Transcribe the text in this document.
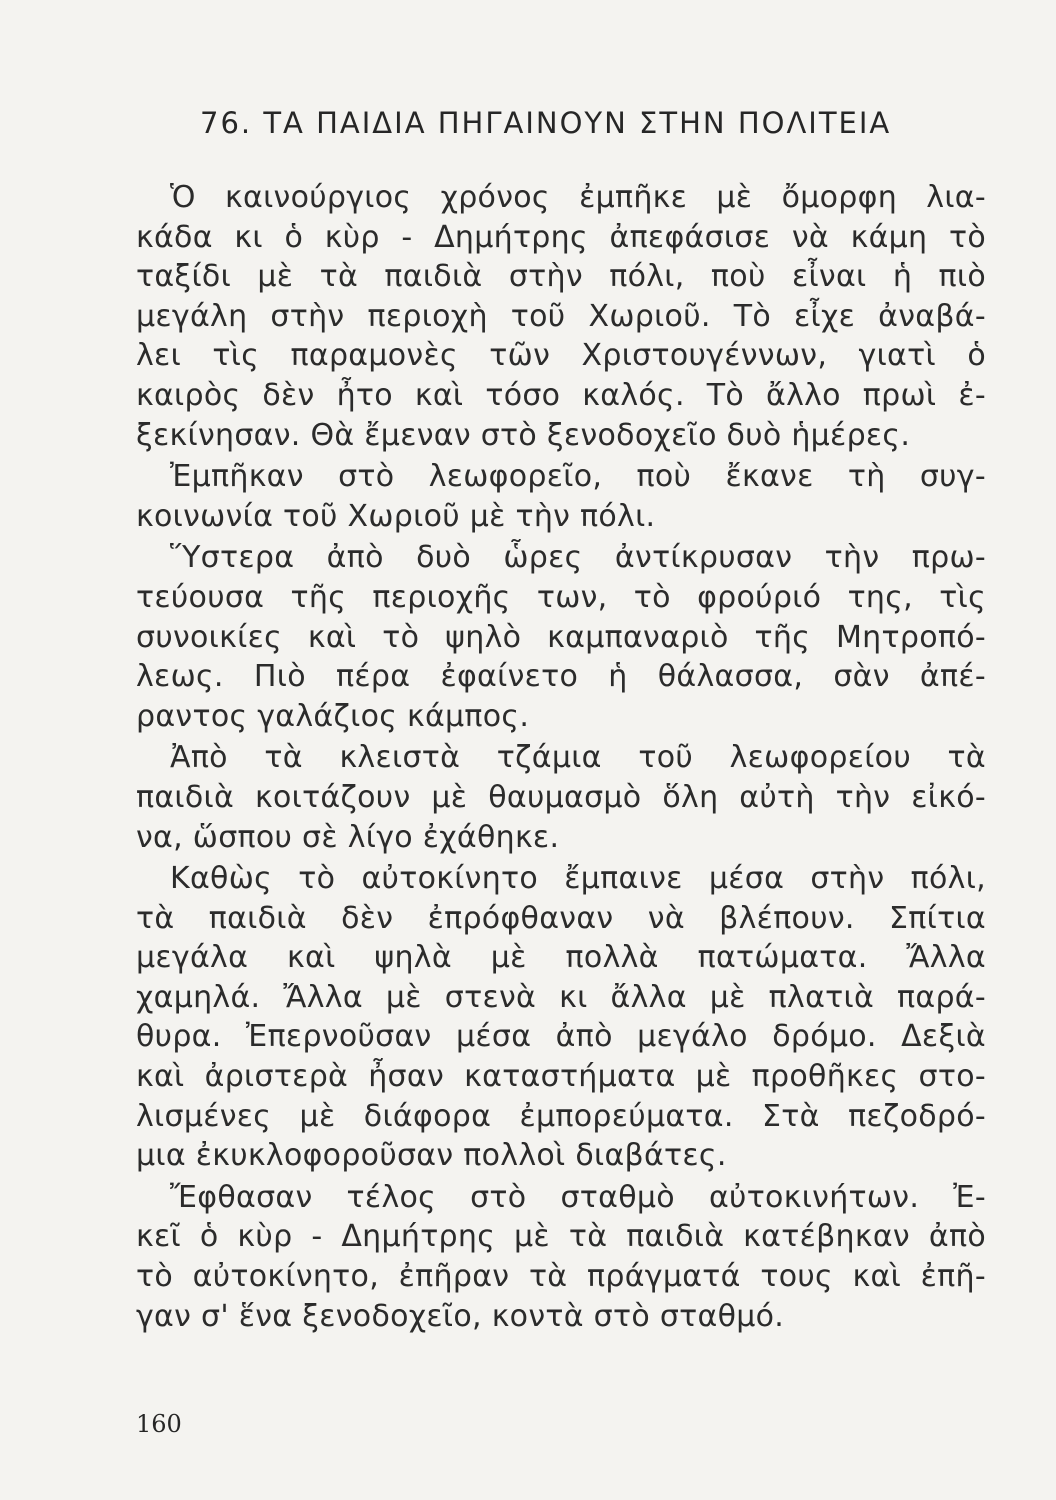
76. ΤΑ ΠΑΙΔΙΑ ΠΗΓΑΙΝΟΥΝ ΣΤΗΝ ΠΟΛΙΤΕΙΑ
Ὁ καινούργιος χρόνος ἐμπῆκε μὲ ὄμορφη λια-
κάδα κι ὁ κὺρ - Δημήτρης ἀπεφάσισε νὰ κάμη τὸ
ταξίδι μὲ τὰ παιδιὰ στὴν πόλι, ποὺ εἶναι ἡ πιὸ
μεγάλη στὴν περιοχὴ τοῦ Χωριοῦ. Τὸ εἶχε ἀναβά-
λει τὶς παραμονὲς τῶν Χριστουγέννων, γιατὶ ὁ
καιρὸς δὲν ἦτο καὶ τόσο καλός. Τὸ ἄλλο πρωὶ ἐ-
ξεκίνησαν. Θὰ ἔμεναν στὸ ξενοδοχεῖο δυὸ ἡμέρες.
Ἐμπῆκαν στὸ λεωφορεῖο, ποὺ ἔκανε τὴ συγ-
κοινωνία τοῦ Χωριοῦ μὲ τὴν πόλι.
Ὕστερα ἀπὸ δυὸ ὧρες ἀντίκρυσαν τὴν πρω-
τεύουσα τῆς περιοχῆς των, τὸ φρούριό της, τὶς
συνοικίες καὶ τὸ ψηλὸ καμπαναριὸ τῆς Μητροπό-
λεως. Πιὸ πέρα ἐφαίνετο ἡ θάλασσα, σὰν ἀπέ-
ραντος γαλάζιος κάμπος.
Ἀπὸ τὰ κλειστὰ τζάμια τοῦ λεωφορείου τὰ
παιδιὰ κοιτάζουν μὲ θαυμασμὸ ὅλη αὐτὴ τὴν εἰκό-
να, ὥσπου σὲ λίγο ἐχάθηκε.
Καθὼς τὸ αὐτοκίνητο ἔμπαινε μέσα στὴν πόλι,
τὰ παιδιὰ δὲν ἐπρόφθαναν νὰ βλέπουν. Σπίτια
μεγάλα καὶ ψηλὰ μὲ πολλὰ πατώματα. Ἄλλα
χαμηλά. Ἄλλα μὲ στενὰ κι ἄλλα μὲ πλατιὰ παρά-
θυρα. Ἐπερνοῦσαν μέσα ἀπὸ μεγάλο δρόμο. Δεξιὰ
καὶ ἀριστερὰ ἦσαν καταστήματα μὲ προθῆκες στο-
λισμένες μὲ διάφορα ἐμπορεύματα. Στὰ πεζοδρό-
μια ἐκυκλοφοροῦσαν πολλοὶ διαβάτες.
Ἔφθασαν τέλος στὸ σταθμὸ αὐτοκινήτων. Ἐ-
κεῖ ὁ κὺρ - Δημήτρης μὲ τὰ παιδιὰ κατέβηκαν ἀπὸ
τὸ αὐτοκίνητο, ἐπῆραν τὰ πράγματά τους καὶ ἐπῆ-
γαν σ' ἕνα ξενοδοχεῖο, κοντὰ στὸ σταθμό.
160
